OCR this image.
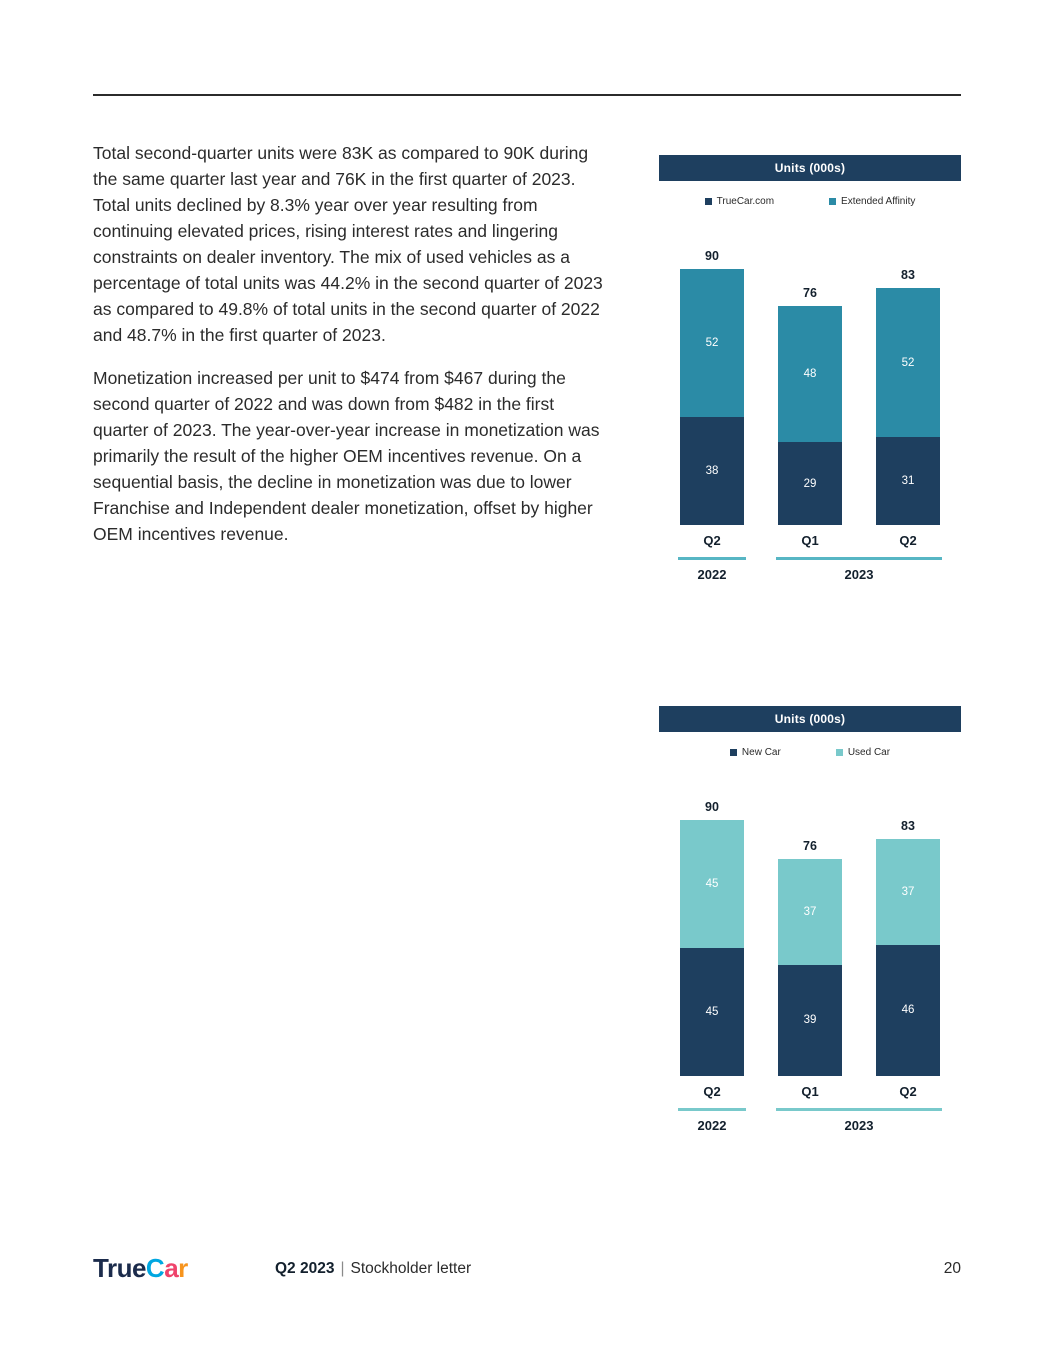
Total second-quarter units were 83K as compared to 90K during the same quarter last year and 76K in the first quarter of 2023. Total units declined by 8.3% year over year resulting from continuing elevated prices, rising interest rates and lingering constraints on dealer inventory. The mix of used vehicles as a percentage of total units was 44.2% in the second quarter of 2023 as compared to 49.8% of total units in the second quarter of 2022 and 48.7% in the first quarter of 2023.

Monetization increased per unit to $474 from $467 during the second quarter of 2022 and was down from $482 in the first quarter of 2023. The year-over-year increase in monetization was primarily the result of the higher OEM incentives revenue. On a sequential basis, the decline in monetization was due to lower Franchise and Independent dealer monetization, offset by higher OEM incentives revenue.

Units (000s)
TrueCar.com	Extended Affinity
52
38
90
48
29
76
52
31
83
Q2	Q1	Q2
2022	2023
Units (000s)
New Car	Used Car
45
45
90
37
39
76
37
46
83
Q2	Q1	Q2
2022	2023
TrueCar	Q2 2023 | Stockholder letter	20
